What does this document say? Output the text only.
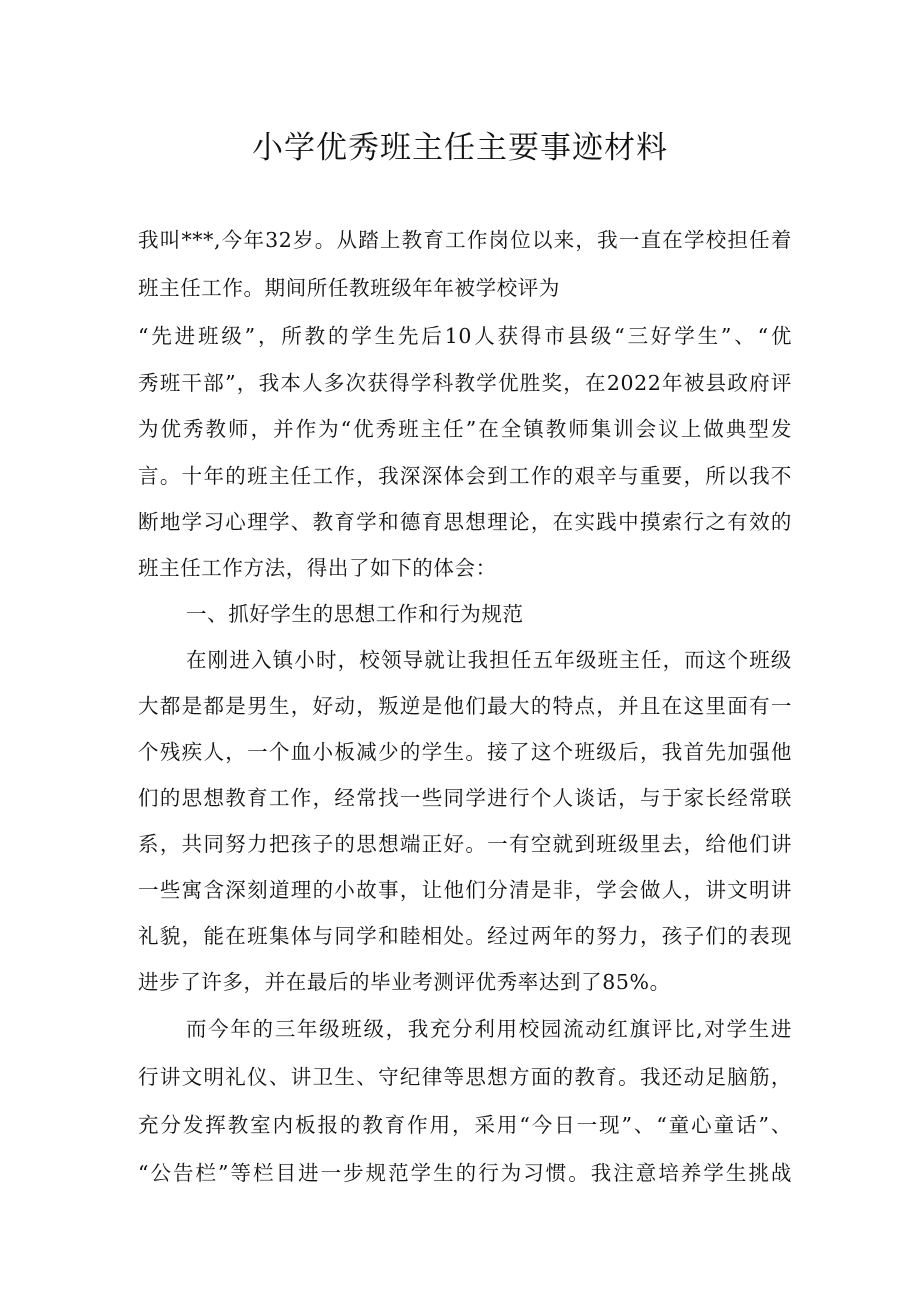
小学优秀班主任主要事迹材料
我叫***,今年32岁。从踏上教育工作岗位以来，我一直在学校担任着
班主任工作。期间所任教班级年年被学校评为
“先进班级”，所教的学生先后10人获得市县级“三好学生”、“优
秀班干部”，我本人多次获得学科教学优胜奖，在2022年被县政府评
为优秀教师，并作为“优秀班主任”在全镇教师集训会议上做典型发
言。十年的班主任工作，我深深体会到工作的艰辛与重要，所以我不
断地学习心理学、教育学和德育思想理论，在实践中摸索行之有效的
班主任工作方法，得出了如下的体会：
一、抓好学生的思想工作和行为规范
在刚进入镇小时，校领导就让我担任五年级班主任，而这个班级
大都是都是男生，好动，叛逆是他们最大的特点，并且在这里面有一
个残疾人，一个血小板减少的学生。接了这个班级后，我首先加强他
们的思想教育工作，经常找一些同学进行个人谈话，与于家长经常联
系，共同努力把孩子的思想端正好。一有空就到班级里去，给他们讲
一些寓含深刻道理的小故事，让他们分清是非，学会做人，讲文明讲
礼貌，能在班集体与同学和睦相处。经过两年的努力，孩子们的表现
进步了许多，并在最后的毕业考测评优秀率达到了85%。
而今年的三年级班级，我充分利用校园流动红旗评比,对学生进
行讲文明礼仪、讲卫生、守纪律等思想方面的教育。我还动足脑筋，
充分发挥教室内板报的教育作用，采用“今日一现”、“童心童话”、
“公告栏”等栏目进一步规范学生的行为习惯。我注意培养学生挑战
